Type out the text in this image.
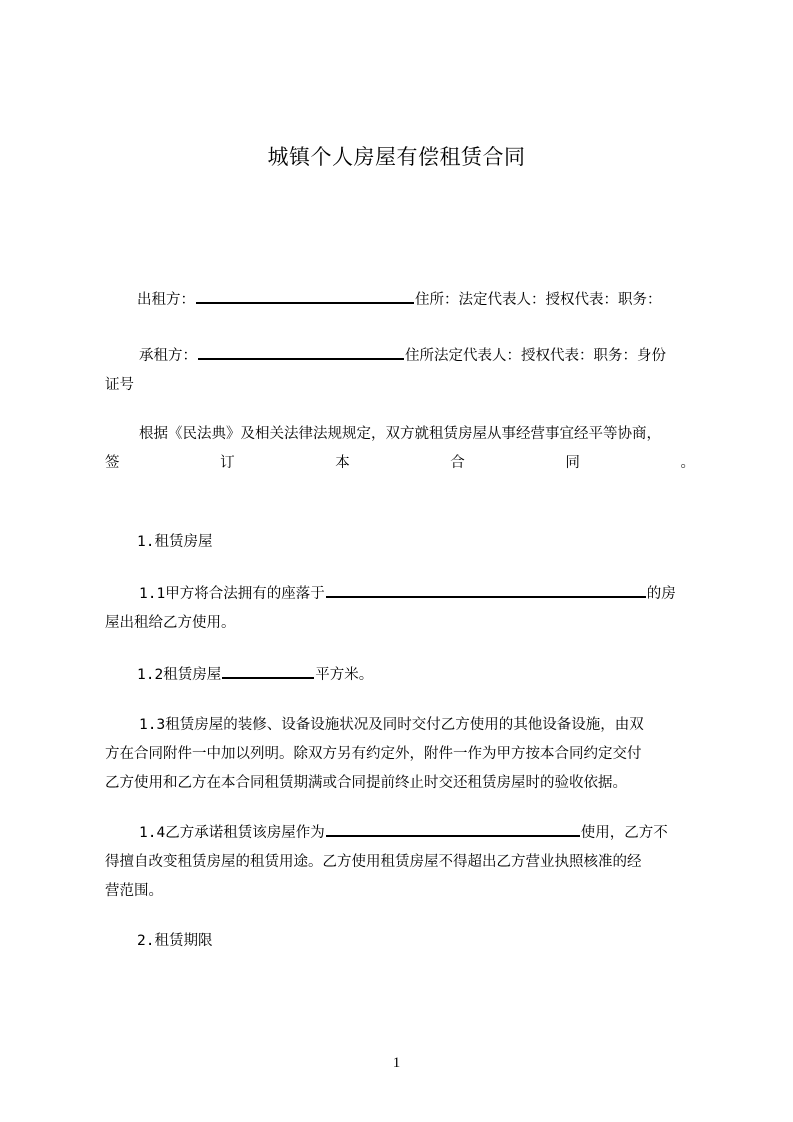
城镇个人房屋有偿租赁合同
出租方：	住所：法定代表人：授权代表：职务：
承租方：	住所法定代表人：授权代表：职务：身份
证号
根据《民法典》及相关法律法规规定，双方就租赁房屋从事经营事宜经平等协商，
签	订	本	合	同	。
1.租赁房屋
1.1甲方将合法拥有的座落于	的房
屋出租给乙方使用。
1.2租赁房屋	平方米。
1.3租赁房屋的装修、设备设施状况及同时交付乙方使用的其他设备设施，由双
方在合同附件一中加以列明。除双方另有约定外，附件一作为甲方按本合同约定交付
乙方使用和乙方在本合同租赁期满或合同提前终止时交还租赁房屋时的验收依据。
1.4乙方承诺租赁该房屋作为	使用，乙方不
得擅自改变租赁房屋的租赁用途。乙方使用租赁房屋不得超出乙方营业执照核准的经
营范围。
2.租赁期限
1
